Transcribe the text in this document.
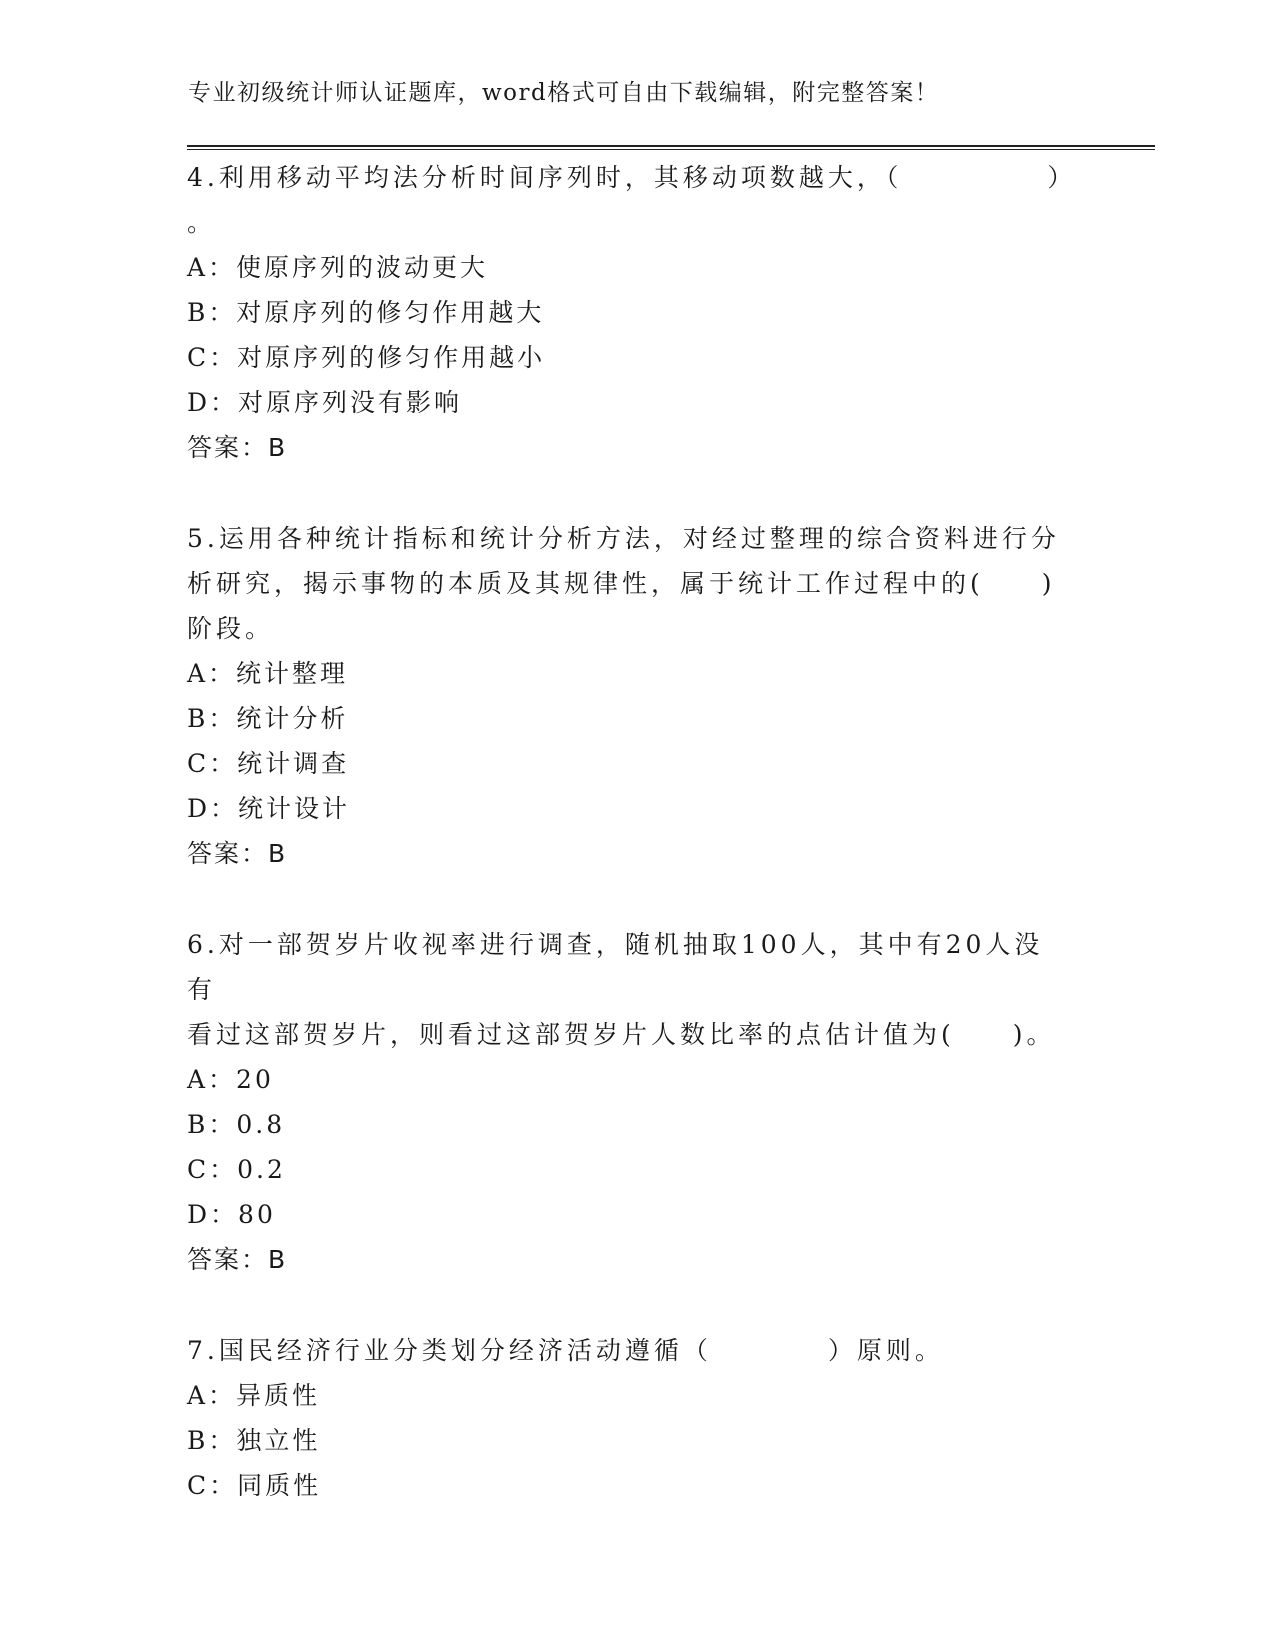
专业初级统计师认证题库，word格式可自由下载编辑，附完整答案！

4.利用移动平均法分析时间序列时，其移动项数越大，（　　　　　）

。

A：使原序列的波动更大

B：对原序列的修匀作用越大

C：对原序列的修匀作用越小

D：对原序列没有影响

答案：B

5.运用各种统计指标和统计分析方法，对经过整理的综合资料进行分

析研究，揭示事物的本质及其规律性，属于统计工作过程中的(　　)

阶段。

A：统计整理

B：统计分析

C：统计调查

D：统计设计

答案：B

6.对一部贺岁片收视率进行调查，随机抽取100人，其中有20人没有

看过这部贺岁片，则看过这部贺岁片人数比率的点估计值为(　　)。

A：20

B：0.8

C：0.2

D：80

答案：B

7.国民经济行业分类划分经济活动遵循（　　　　）原则。

A：异质性

B：独立性

C：同质性
